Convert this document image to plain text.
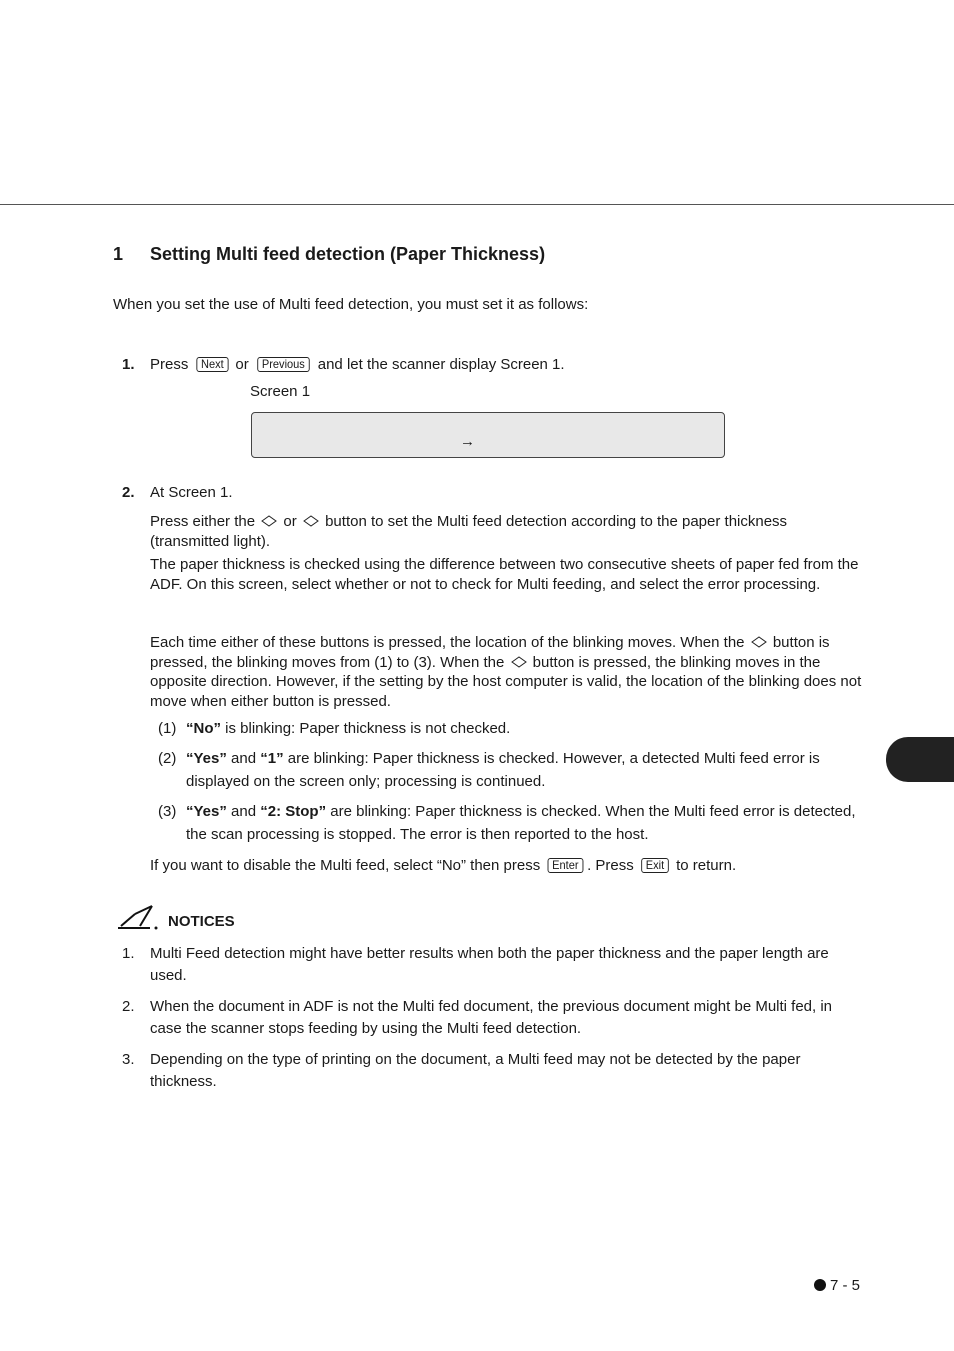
1 Setting Multi feed detection (Paper Thickness)
When you set the use of Multi feed detection, you must set it as follows:
1. Press Next or Previous and let the scanner display Screen 1.
Screen 1
→
2. At Screen 1.
Press either the or button to set the Multi feed detection according to the paper thickness (transmitted light).
The paper thickness is checked using the difference between two consecutive sheets of paper fed from the ADF. On this screen, select whether or not to check for Multi feeding, and select the error processing.
Each time either of these buttons is pressed, the location of the blinking moves. When the button is pressed, the blinking moves from (1) to (3). When the button is pressed, the blinking moves in the opposite direction. However, if the setting by the host computer is valid, the location of the blinking does not move when either button is pressed.
(1) “No” is blinking: Paper thickness is not checked.
(2) “Yes” and “1” are blinking: Paper thickness is checked. However, a detected Multi feed error is displayed on the screen only; processing is continued.
(3) “Yes” and “2: Stop” are blinking: Paper thickness is checked. When the Multi feed error is detected, the scan processing is stopped. The error is then reported to the host.
If you want to disable the Multi feed, select “No” then press Enter . Press Exit to return.
NOTICES
1. Multi Feed detection might have better results when both the paper thickness and the paper length are used.
2. When the document in ADF is not the Multi fed document, the previous document might be Multi fed, in case the scanner stops feeding by using the Multi feed detection.
3. Depending on the type of printing on the document, a Multi feed may not be detected by the paper thickness.
7 - 5
